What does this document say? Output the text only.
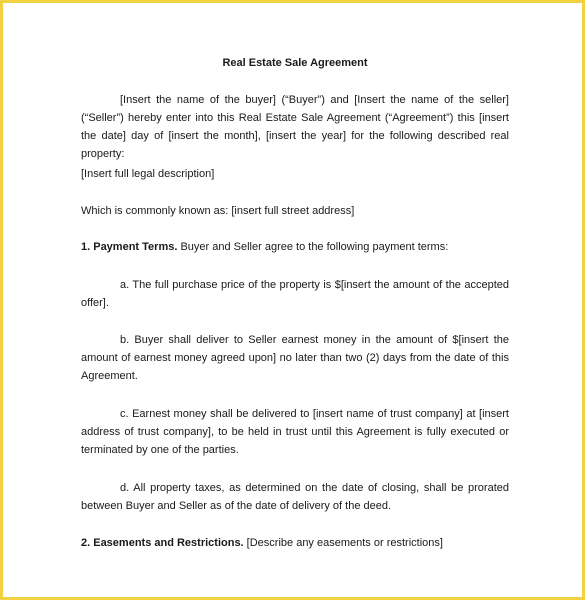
Real Estate Sale Agreement

[Insert the name of the buyer] (“Buyer”) and [Insert the name of the seller] (“Seller”) hereby enter into this Real Estate Sale Agreement (“Agreement”) this [insert the date] day of [insert the month], [insert the year] for the following described real property:

[Insert full legal description]

Which is commonly known as: [insert full street address]

1. Payment Terms. Buyer and Seller agree to the following payment terms:

a. The full purchase price of the property is $[insert the amount of the accepted offer].

b. Buyer shall deliver to Seller earnest money in the amount of $[insert the amount of earnest money agreed upon] no later than two (2) days from the date of this Agreement.

c. Earnest money shall be delivered to [insert name of trust company] at [insert address of trust company], to be held in trust until this Agreement is fully executed or terminated by one of the parties.

d. All property taxes, as determined on the date of closing, shall be prorated between Buyer and Seller as of the date of delivery of the deed.

2. Easements and Restrictions. [Describe any easements or restrictions]
